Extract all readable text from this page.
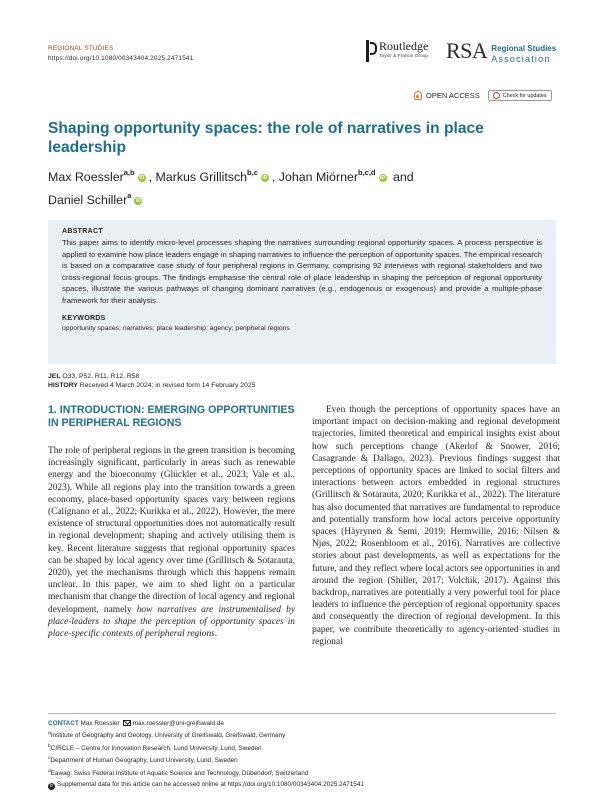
REGIONAL STUDIES
https://doi.org/10.1080/00343404.2025.2471541
Routledge
Taylor & Francis Group RSA Regional Studies
Association
OPEN ACCESS	Check for updates
Shaping opportunity spaces: the role of narratives in place leadership
Max Roessler$^{a,b}$iD , Markus Grillitsch$^{b,c}$iD , Johan Miörner$^{b,c,d}$iD and
Daniel Schiller$^a$iD
ABSTRACT
This paper aims to identify micro-level processes shaping the narratives surrounding regional opportunity spaces. A process perspective is applied to examine how place leaders engage in shaping narratives to influence the perception of opportunity spaces. The empirical research is based on a comparative case study of four peripheral regions in Germany, comprising 92 interviews with regional stakeholders and two cross-regional focus groups. The findings emphasise the central role of place leadership in shaping the perception of regional opportunity spaces, illustrate the various pathways of changing dominant narratives (e.g., endogenous or exogenous) and provide a multiple-phase framework for their analysis.
KEYWORDS
opportunity spaces; narratives; place leadership; agency; peripheral regions
JEL O33, P52, R11, R12, R58
HISTORY Received 4 March 2024; in revised form 14 February 2025
1. INTRODUCTION: EMERGING OPPORTUNITIES IN PERIPHERAL REGIONS

The role of peripheral regions in the green transition is becoming increasingly significant, particularly in areas such as renewable energy and the bioeconomy (Glückler et al., 2023; Vale et al., 2023). While all regions play into the transition towards a green economy, place-based opportunity spaces vary between regions (Calignano et al., 2022; Kurikka et al., 2022). However, the mere existence of structural opportunities does not automatically result in regional development; shaping and actively utilising them is key. Recent literature suggests that regional opportunity spaces can be shaped by local agency over time (Grillitsch & Sotarauta, 2020), yet the mechanisms through which this happens remain unclear. In this paper, we aim to shed light on a particular mechanism that change the direction of local agency and regional development, namely how narratives are instrumentalised by place-leaders to shape the perception of opportunity spaces in place-specific contexts of peripheral regions.

Even though the perceptions of opportunity spaces have an important impact on decision-making and regional development trajectories, limited theoretical and empirical insights exist about how such perceptions change (Akerlof & Snower, 2016; Casagrande & Dallago, 2023). Previous findings suggest that perceptions of opportunity spaces are linked to social filters and interactions between actors embedded in regional structures (Grillitsch & Sotarauta, 2020; Kurikka et al., 2022). The literature has also documented that narratives are fundamental to reproduce and potentially transform how local actors perceive opportunity spaces (Häyrynen & Semi, 2019; Hermwille, 2016; Nilsen & Njøs, 2022; Rosenbloom et al., 2016). Narratives are collective stories about past developments, as well as expectations for the future, and they reflect where local actors see opportunities in and around the region (Shiller, 2017; Volchik, 2017). Against this backdrop, narratives are potentially a very powerful tool for place leaders to influence the perception of regional opportunity spaces and consequently the direction of regional development. In this paper, we contribute theoretically to agency-oriented studies in regional

CONTACT Max Roessler max.roessler@uni-greifswald.de
$^a$Institute of Geography and Geology, University of Greifswald, Greifswald, Germany
$^b$CIRCLE – Centre for Innovation Research, Lund University, Lund, Sweden
$^c$Department of Human Geography, Lund University, Lund, Sweden
$^d$Eawag: Swiss Federal Institute of Aquatic Science and Technology, Dübendorf, Switzerland
b Supplemental data for this article can be accessed online at https://doi.org/10.1080/00343404.2025.2471541
